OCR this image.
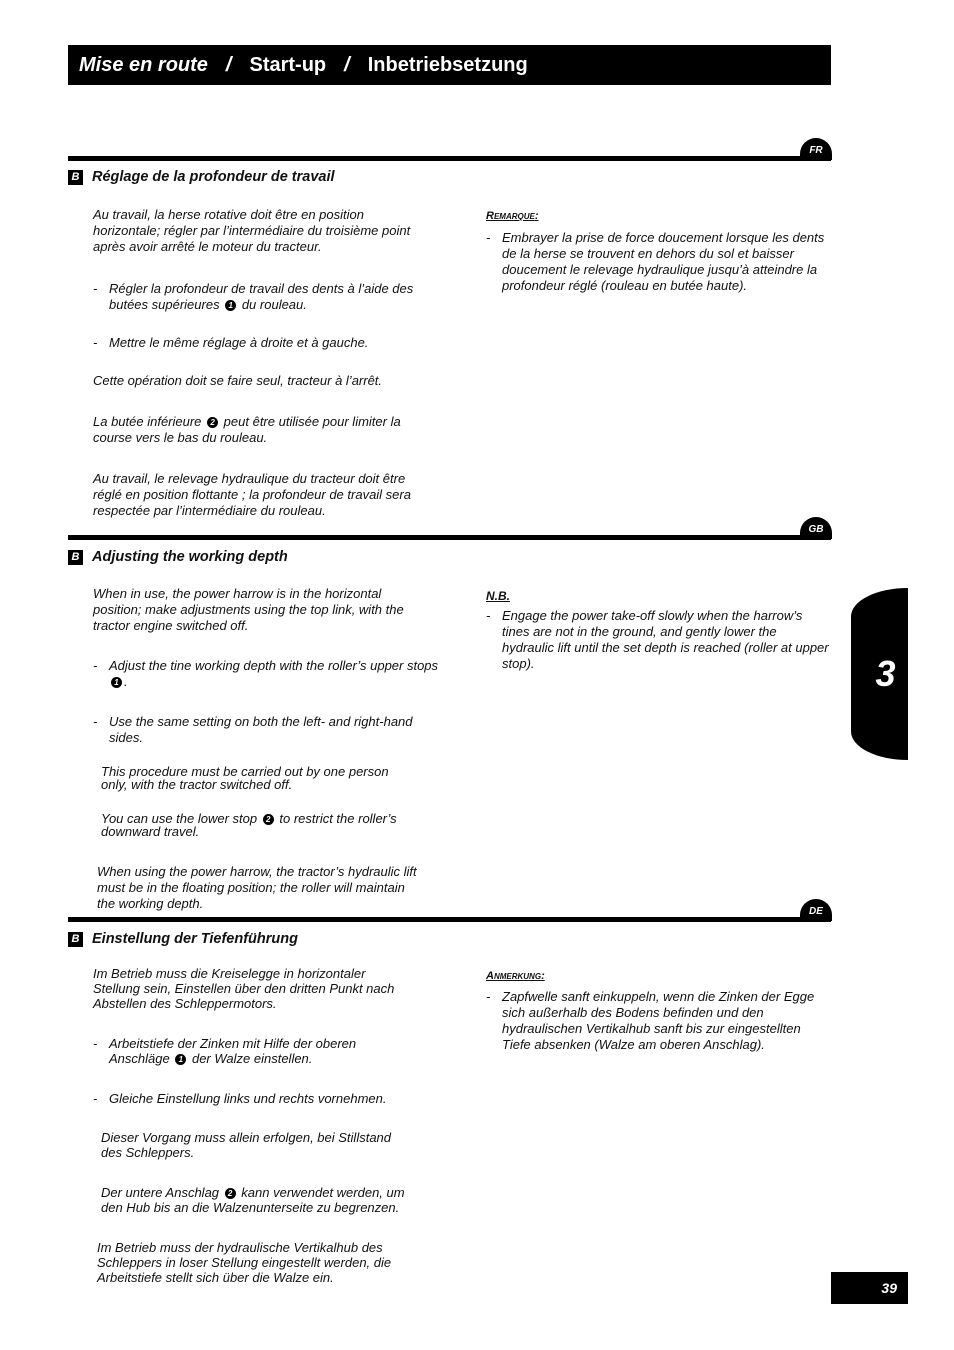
Mise en route / Start-up / Inbetriebsetzung
FR
B Réglage de la profondeur de travail

Au travail, la herse rotative doit être en position horizontale; régler par l’intermédiaire du troisième point après avoir arrêté le moteur du tracteur.

- Régler la profondeur de travail des dents à l’aide des butées supérieures 1 du rouleau.
- Mettre le même réglage à droite et à gauche.

Cette opération doit se faire seul, tracteur à l’arrêt.

La butée inférieure 2 peut être utilisée pour limiter la course vers le bas du rouleau.

Au travail, le relevage hydraulique du tracteur doit être réglé en position flottante ; la profondeur de travail sera respectée par l’intermédiaire du rouleau.

Remarque:
- Embrayer la prise de force doucement lorsque les dents de la herse se trouvent en dehors du sol et baisser doucement le relevage hydraulique jusqu’à atteindre la profondeur réglé (rouleau en butée haute).
GB
B Adjusting the working depth

When in use, the power harrow is in the horizontal position; make adjustments using the top link, with the tractor engine switched off.

- Adjust the tine working depth with the roller’s upper stops 1 .
- Use the same setting on both the left- and right-hand sides.

This procedure must be carried out by one person only, with the tractor switched off.

You can use the lower stop 2 to restrict the roller’s downward travel.

When using the power harrow, the tractor’s hydraulic lift must be in the floating position; the roller will maintain the working depth.

N.B.
- Engage the power take-off slowly when the harrow’s tines are not in the ground, and gently lower the hydraulic lift until the set depth is reached (roller at upper stop).	3
DE
B Einstellung der Tiefenführung

Im Betrieb muss die Kreiselegge in horizontaler Stellung sein, Einstellen über den dritten Punkt nach Abstellen des Schleppermotors.

- Arbeitstiefe der Zinken mit Hilfe der oberen Anschläge 1 der Walze einstellen.
- Gleiche Einstellung links und rechts vornehmen.

Dieser Vorgang muss allein erfolgen, bei Stillstand des Schleppers.

Der untere Anschlag 2 kann verwendet werden, um den Hub bis an die Walzenunterseite zu begrenzen.

Im Betrieb muss der hydraulische Vertikalhub des Schleppers in loser Stellung eingestellt werden, die Arbeitstiefe stellt sich über die Walze ein.

Anmerkung:
- Zapfwelle sanft einkuppeln, wenn die Zinken der Egge sich außerhalb des Bodens befinden und den hydraulischen Vertikalhub sanft bis zur eingestellten Tiefe absenken (Walze am oberen Anschlag).
39
